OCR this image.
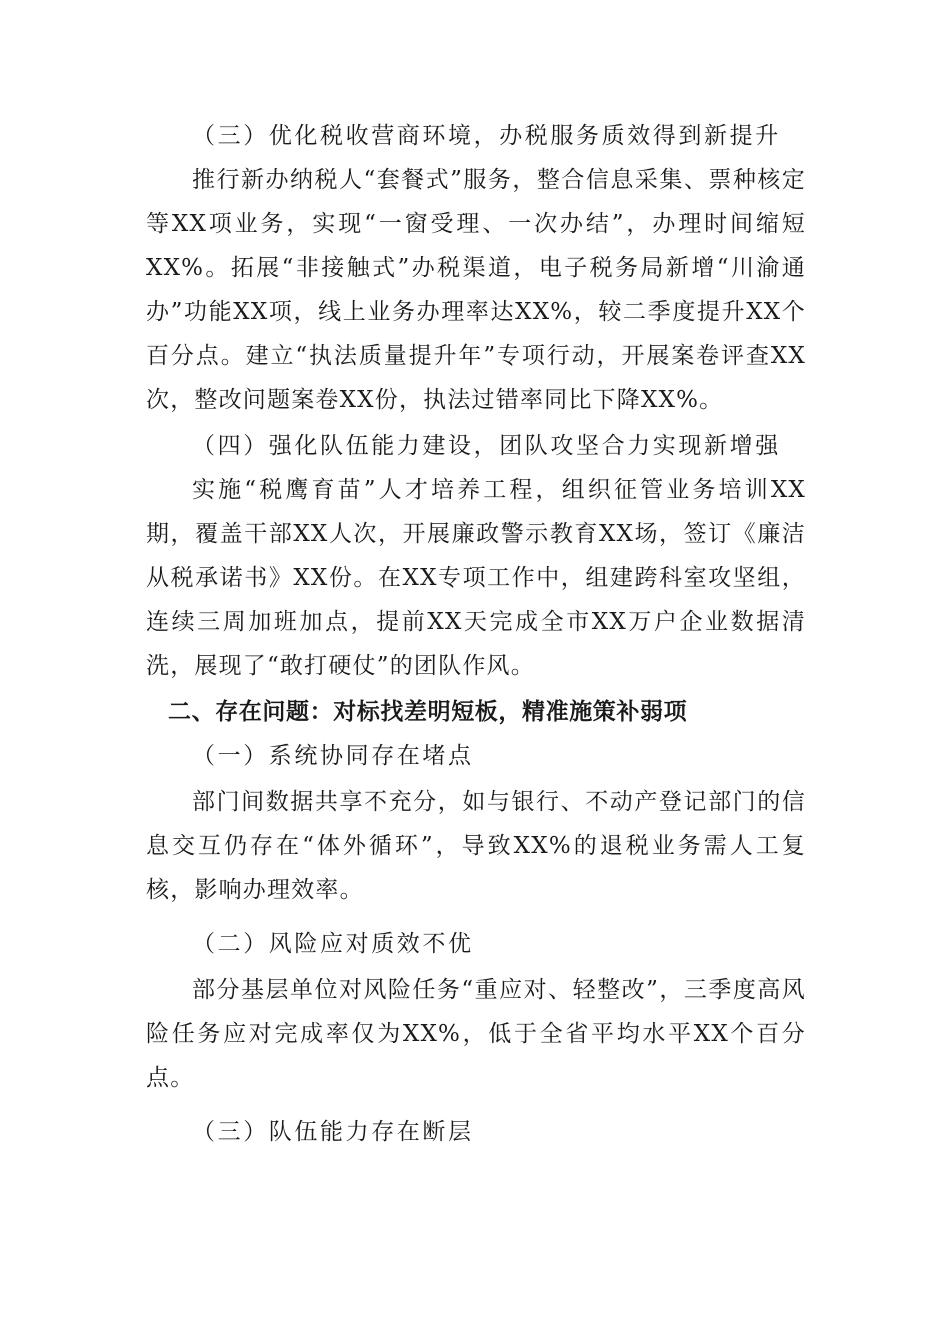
（三）优化税收营商环境，办税服务质效得到新提升

推行新办纳税人“套餐式”服务，整合信息采集、票种核定等XX项业务，实现“一窗受理、一次办结”，办理时间缩短XX%。拓展“非接触式”办税渠道，电子税务局新增“川渝通办”功能XX项，线上业务办理率达XX%，较二季度提升XX个百分点。建立“执法质量提升年”专项行动，开展案卷评查XX次，整改问题案卷XX份，执法过错率同比下降XX%。

（四）强化队伍能力建设，团队攻坚合力实现新增强

实施“税鹰育苗”人才培养工程，组织征管业务培训XX期，覆盖干部XX人次，开展廉政警示教育XX场，签订《廉洁从税承诺书》XX份。在XX专项工作中，组建跨科室攻坚组，连续三周加班加点，提前XX天完成全市XX万户企业数据清洗，展现了“敢打硬仗”的团队作风。

二、存在问题：对标找差明短板，精准施策补弱项

（一）系统协同存在堵点

部门间数据共享不充分，如与银行、不动产登记部门的信息交互仍存在“体外循环”，导致XX%的退税业务需人工复核，影响办理效率。

（二）风险应对质效不优

部分基层单位对风险任务“重应对、轻整改”，三季度高风险任务应对完成率仅为XX%，低于全省平均水平XX个百分点。

（三）队伍能力存在断层
